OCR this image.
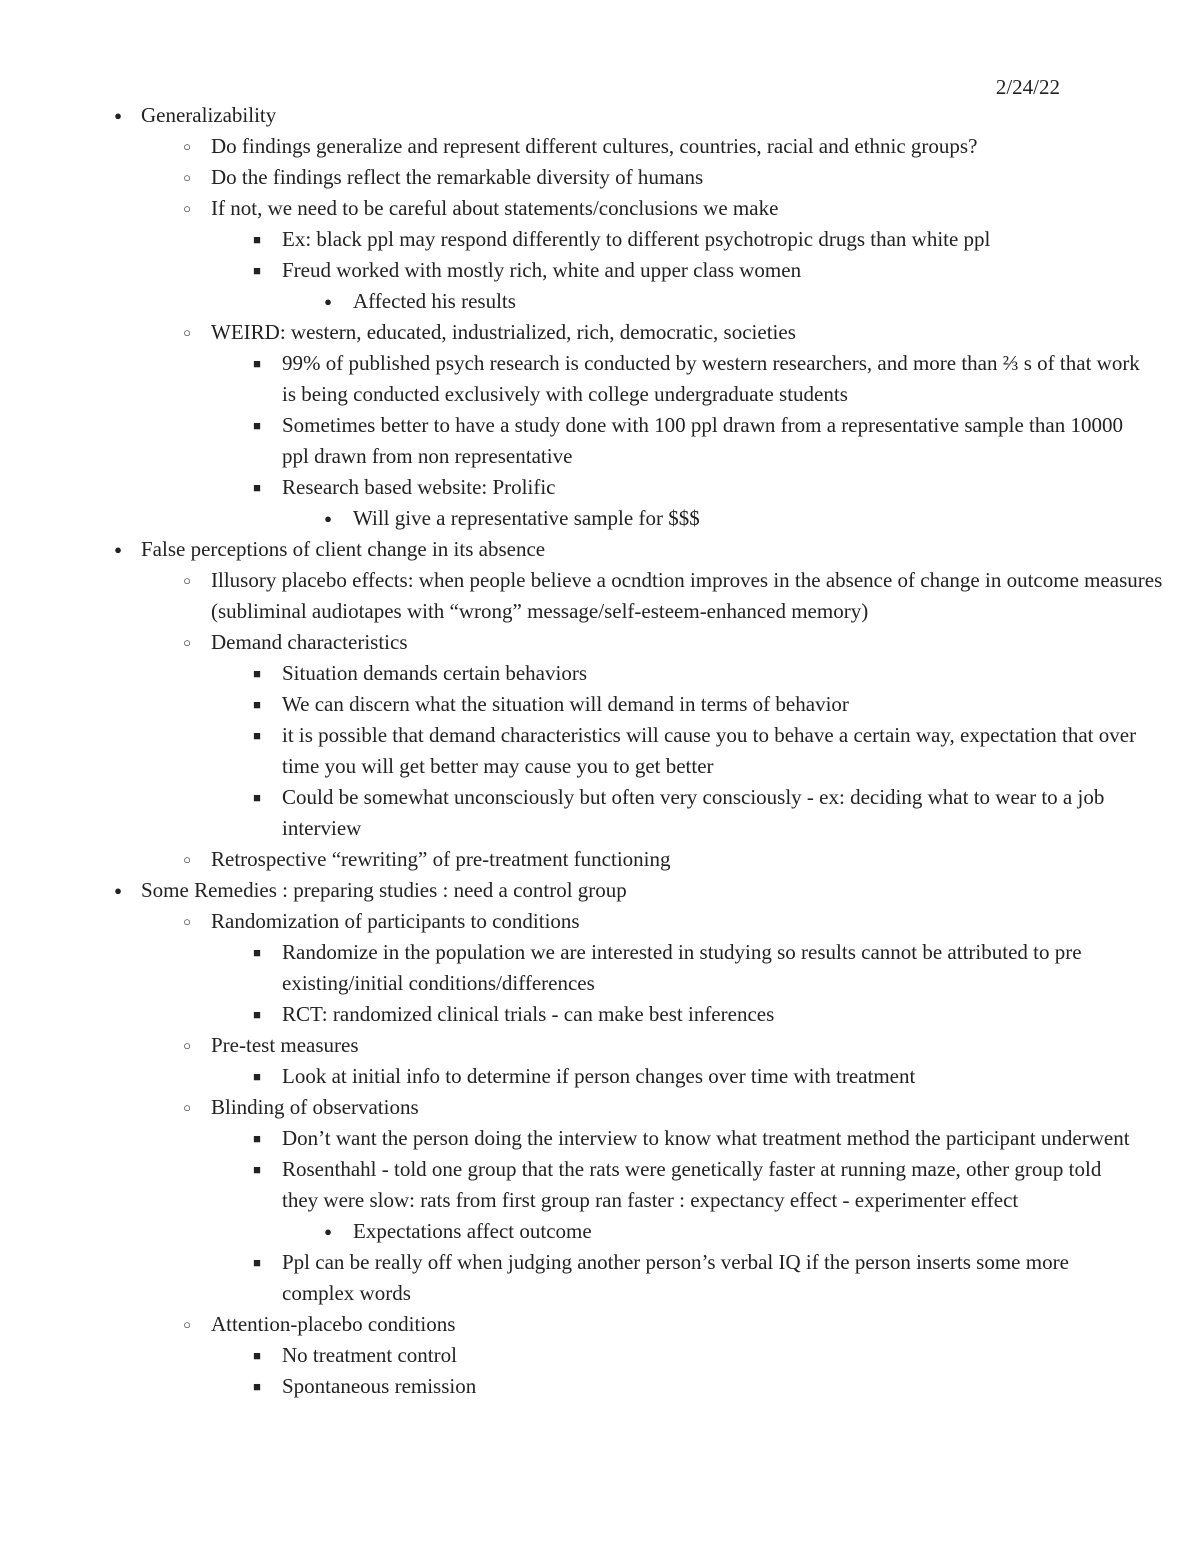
2/24/22
● Generalizability
○ Do findings generalize and represent different cultures, countries, racial and ethnic groups?
○ Do the findings reflect the remarkable diversity of humans
○ If not, we need to be careful about statements/conclusions we make
■ Ex: black ppl may respond differently to different psychotropic drugs than white ppl
■ Freud worked with mostly rich, white and upper class women
● Affected his results
○ WEIRD: western, educated, industrialized, rich, democratic, societies
■ 99% of published psych research is conducted by western researchers, and more than ⅔ s of that work is being conducted exclusively with college undergraduate students
■ Sometimes better to have a study done with 100 ppl drawn from a representative sample than 10000 ppl drawn from non representative
■ Research based website: Prolific
● Will give a representative sample for $$$
● False perceptions of client change in its absence
○ Illusory placebo effects: when people believe a ocndtion improves in the absence of change in outcome measures (subliminal audiotapes with “wrong” message/self-esteem-enhanced memory)
○ Demand characteristics
■ Situation demands certain behaviors
■ We can discern what the situation will demand in terms of behavior
■ it is possible that demand characteristics will cause you to behave a certain way, expectation that over time you will get better may cause you to get better
■ Could be somewhat unconsciously but often very consciously - ex: deciding what to wear to a job interview
○ Retrospective “rewriting” of pre-treatment functioning
● Some Remedies : preparing studies : need a control group
○ Randomization of participants to conditions
■ Randomize in the population we are interested in studying so results cannot be attributed to pre existing/initial conditions/differences
■ RCT: randomized clinical trials - can make best inferences
○ Pre-test measures
■ Look at initial info to determine if person changes over time with treatment
○ Blinding of observations
■ Don’t want the person doing the interview to know what treatment method the participant underwent
■ Rosenthahl - told one group that the rats were genetically faster at running maze, other group told they were slow: rats from first group ran faster : expectancy effect - experimenter effect
● Expectations affect outcome
■ Ppl can be really off when judging another person’s verbal IQ if the person inserts some more complex words
○ Attention-placebo conditions
■ No treatment control
■ Spontaneous remission
